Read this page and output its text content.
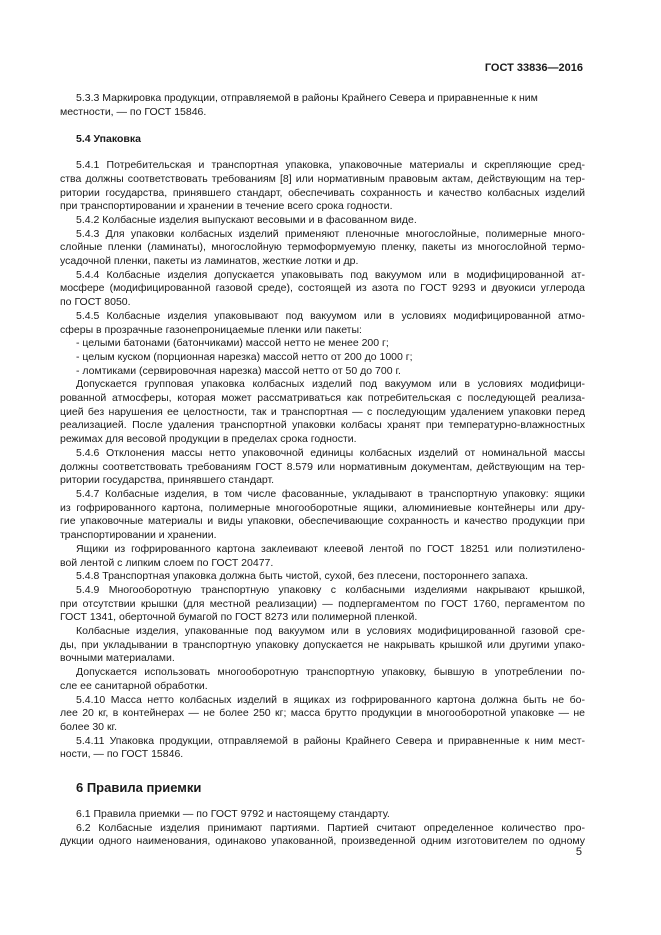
ГОСТ 33836—2016

5.3.3 Маркировка продукции, отправляемой в районы Крайнего Севера и приравненные к ним

местности, — по ГОСТ 15846.

5.4 Упаковка

5.4.1 Потребительская и транспортная упаковка, упаковочные материалы и скрепляющие сред-

ства должны соответствовать требованиям [8] или нормативным правовым актам, действующим на тер-

ритории государства, принявшего стандарт, обеспечивать сохранность и качество колбасных изделий

при транспортировании и хранении в течение всего срока годности.

5.4.2 Колбасные изделия выпускают весовыми и в фасованном виде.

5.4.3 Для упаковки колбасных изделий применяют пленочные многослойные, полимерные много-

слойные пленки (ламинаты), многослойную термоформуемую пленку, пакеты из многослойной термо-

усадочной пленки, пакеты из ламинатов, жесткие лотки и др.

5.4.4 Колбасные изделия допускается упаковывать под вакуумом или в модифицированной ат-

мосфере (модифицированной газовой среде), состоящей из азота по ГОСТ 9293 и двуокиси углерода

по ГОСТ 8050.

5.4.5 Колбасные изделия упаковывают под вакуумом или в условиях модифицированной атмо-

сферы в прозрачные газонепроницаемые пленки или пакеты:

- целыми батонами (батончиками) массой нетто не менее 200 г;

- целым куском (порционная нарезка) массой нетто от 200 до 1000 г;

- ломтиками (сервировочная нарезка) массой нетто от 50 до 700 г.

Допускается групповая упаковка колбасных изделий под вакуумом или в условиях модифици-

рованной атмосферы, которая может рассматриваться как потребительская с последующей реализа-

цией без нарушения ее целостности, так и транспортная — с последующим удалением упаковки перед

реализацией. После удаления транспортной упаковки колбасы хранят при температурно-влажностных

режимах для весовой продукции в пределах срока годности.

5.4.6 Отклонения массы нетто упаковочной единицы колбасных изделий от номинальной массы

должны соответствовать требованиям ГОСТ 8.579 или нормативным документам, действующим на тер-

ритории государства, принявшего стандарт.

5.4.7 Колбасные изделия, в том числе фасованные, укладывают в транспортную упаковку: ящики

из гофрированного картона, полимерные многооборотные ящики, алюминиевые контейнеры или дру-

гие упаковочные материалы и виды упаковки, обеспечивающие сохранность и качество продукции при

транспортировании и хранении.

Ящики из гофрированного картона заклеивают клеевой лентой по ГОСТ 18251 или полиэтилено-

вой лентой с липким слоем по ГОСТ 20477.

5.4.8 Транспортная упаковка должна быть чистой, сухой, без плесени, постороннего запаха.

5.4.9 Многооборотную транспортную упаковку с колбасными изделиями накрывают крышкой,

при отсутствии крышки (для местной реализации) — подпергаментом по ГОСТ 1760, пергаментом по

ГОСТ 1341, оберточной бумагой по ГОСТ 8273 или полимерной пленкой.

Колбасные изделия, упакованные под вакуумом или в условиях модифицированной газовой сре-

ды, при укладывании в транспортную упаковку допускается не накрывать крышкой или другими упако-

вочными материалами.

Допускается использовать многооборотную транспортную упаковку, бывшую в употреблении по-

сле ее санитарной обработки.

5.4.10 Масса нетто колбасных изделий в ящиках из гофрированного картона должна быть не бо-

лее 20 кг, в контейнерах — не более 250 кг; масса брутто продукции в многооборотной упаковке — не

более 30 кг.

5.4.11 Упаковка продукции, отправляемой в районы Крайнего Севера и приравненные к ним мест-

ности, — по ГОСТ 15846.

6 Правила приемки

6.1 Правила приемки — по ГОСТ 9792 и настоящему стандарту.

6.2 Колбасные изделия принимают партиями. Партией считают определенное количество про-

дукции одного наименования, одинаково упакованной, произведенной одним изготовителем по одному

5
